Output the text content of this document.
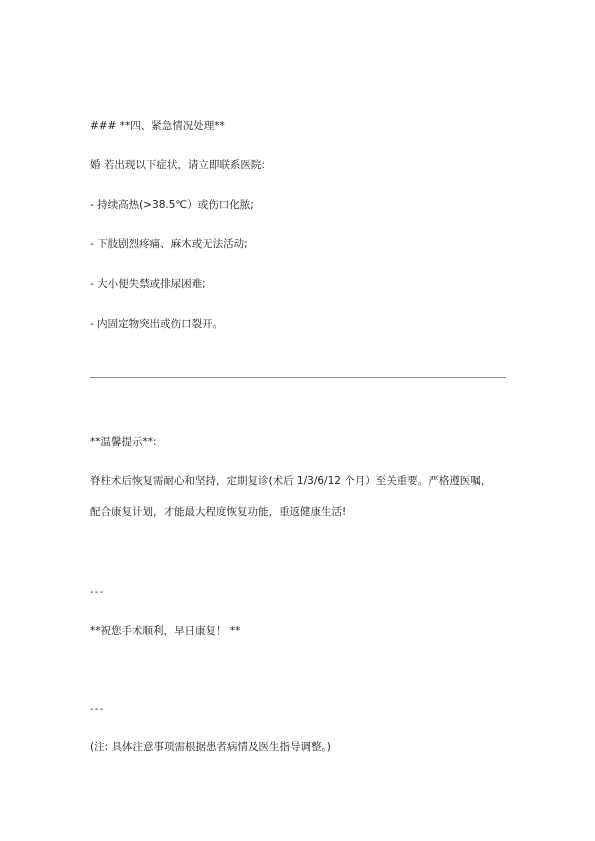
### **四、紧急情况处理**
婚 若出现以下症状，请立即联系医院:
- 持续高热(>38.5℃）或伤口化脓;
- 下肢剧烈疼痛、麻木或无法活动;
- 大小便失禁或排尿困难;
- 内固定物突出或伤口裂开。
**温馨提示**:
脊柱术后恢复需耐心和坚持，定期复诊(术后 1/3/6/12 个月）至关重要。严格遵医嘱，
配合康复计划，才能最大程度恢复功能，重返健康生活!
---
**祝您手术顺利，早日康复！ **
---
(注: 具体注意事项需根据患者病情及医生指导调整。)
